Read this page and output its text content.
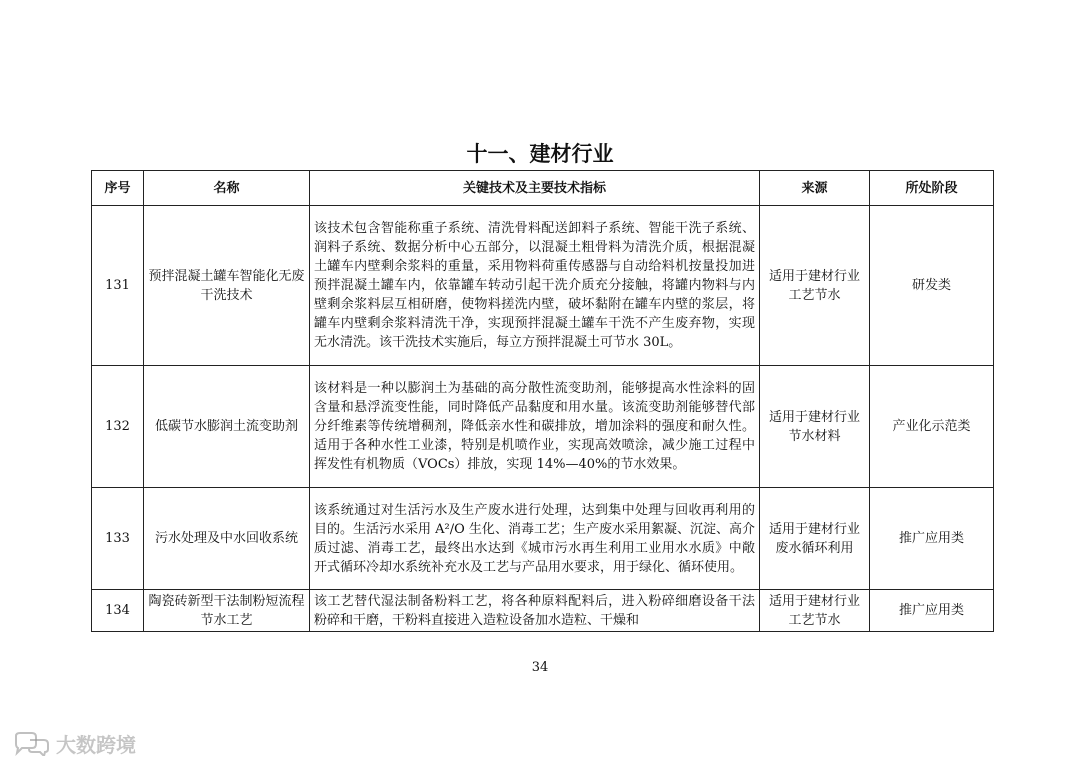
十一、建材行业
序号	名称	关键技术及主要技术指标	来源	所处阶段
131	预拌混凝土罐车智能化无废干洗技术	该技术包含智能称重子系统、清洗骨料配送卸料子系统、智能干洗子系统、润料子系统、数据分析中心五部分，以混凝土粗骨料为清洗介质，根据混凝土罐车内壁剩余浆料的重量，采用物料荷重传感器与自动给料机按量投加进预拌混凝土罐车内，依靠罐车转动引起干洗介质充分接触，将罐内物料与内壁剩余浆料层互相研磨，使物料搓洗内壁，破坏黏附在罐车内壁的浆层，将罐车内壁剩余浆料清洗干净，实现预拌混凝土罐车干洗不产生废弃物，实现无水清洗。该干洗技术实施后，每立方预拌混凝土可节水 30L。	适用于建材行业工艺节水	研发类
132	低碳节水膨润土流变助剂	该材料是一种以膨润土为基础的高分散性流变助剂，能够提高水性涂料的固含量和悬浮流变性能，同时降低产品黏度和用水量。该流变助剂能够替代部分纤维素等传统增稠剂，降低亲水性和碳排放，增加涂料的强度和耐久性。适用于各种水性工业漆，特别是机喷作业，实现高效喷涂，减少施工过程中挥发性有机物质（VOCs）排放，实现 14%—40%的节水效果。	适用于建材行业节水材料	产业化示范类
133	污水处理及中水回收系统	该系统通过对生活污水及生产废水进行处理，达到集中处理与回收再利用的目的。生活污水采用 A²/O 生化、消毒工艺；生产废水采用絮凝、沉淀、高介质过滤、消毒工艺，最终出水达到《城市污水再生利用工业用水水质》中敞开式循环冷却水系统补充水及工艺与产品用水要求，用于绿化、循环使用。	适用于建材行业废水循环利用	推广应用类
134	陶瓷砖新型干法制粉短流程节水工艺	该工艺替代湿法制备粉料工艺，将各种原料配料后，进入粉碎细磨设备干法粉碎和干磨，干粉料直接进入造粒设备加水造粒、干燥和	适用于建材行业工艺节水	推广应用类
34
大数跨境
